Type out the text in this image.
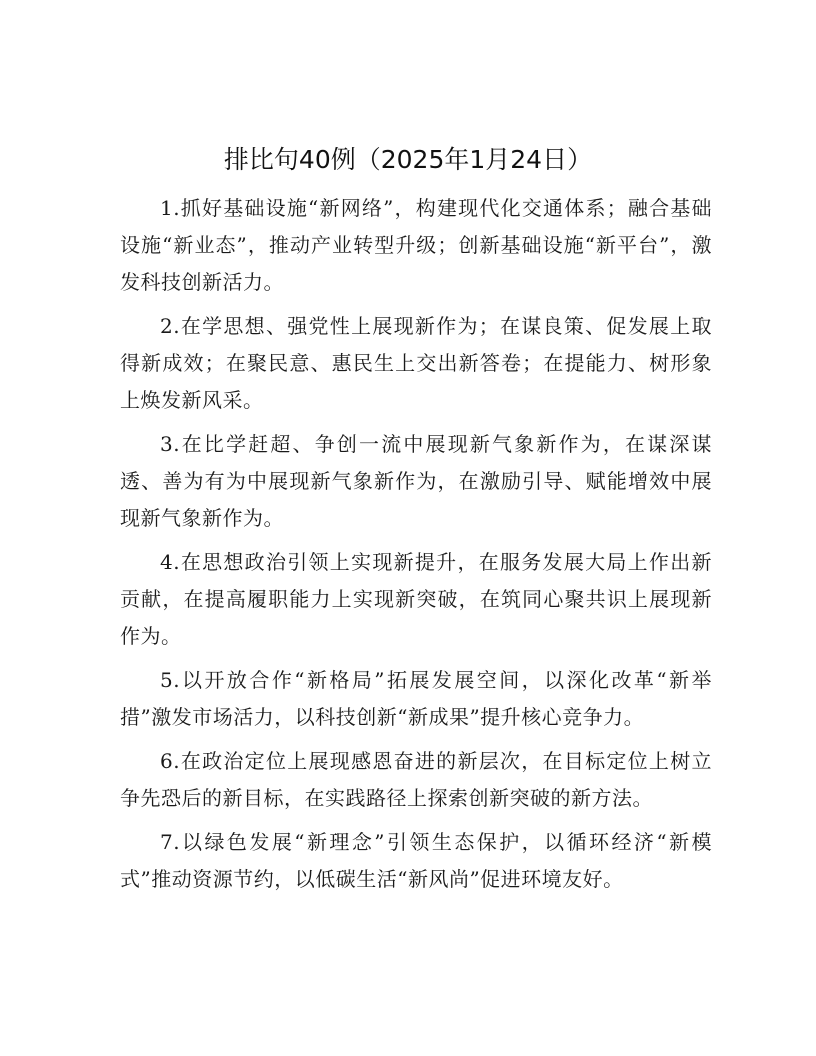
排比句40例（2025年1月24日）

1.抓好基础设施“新网络”，构建现代化交通体系；融合基础设施“新业态”，推动产业转型升级；创新基础设施“新平台”，激发科技创新活力。

2.在学思想、强党性上展现新作为；在谋良策、促发展上取得新成效；在聚民意、惠民生上交出新答卷；在提能力、树形象上焕发新风采。

3.在比学赶超、争创一流中展现新气象新作为，在谋深谋透、善为有为中展现新气象新作为，在激励引导、赋能增效中展现新气象新作为。

4.在思想政治引领上实现新提升，在服务发展大局上作出新贡献，在提高履职能力上实现新突破，在筑同心聚共识上展现新作为。

5.以开放合作“新格局”拓展发展空间，以深化改革“新举措”激发市场活力，以科技创新“新成果”提升核心竞争力。

6.在政治定位上展现感恩奋进的新层次，在目标定位上树立争先恐后的新目标，在实践路径上探索创新突破的新方法。

7.以绿色发展“新理念”引领生态保护，以循环经济“新模式”推动资源节约，以低碳生活“新风尚”促进环境友好。
